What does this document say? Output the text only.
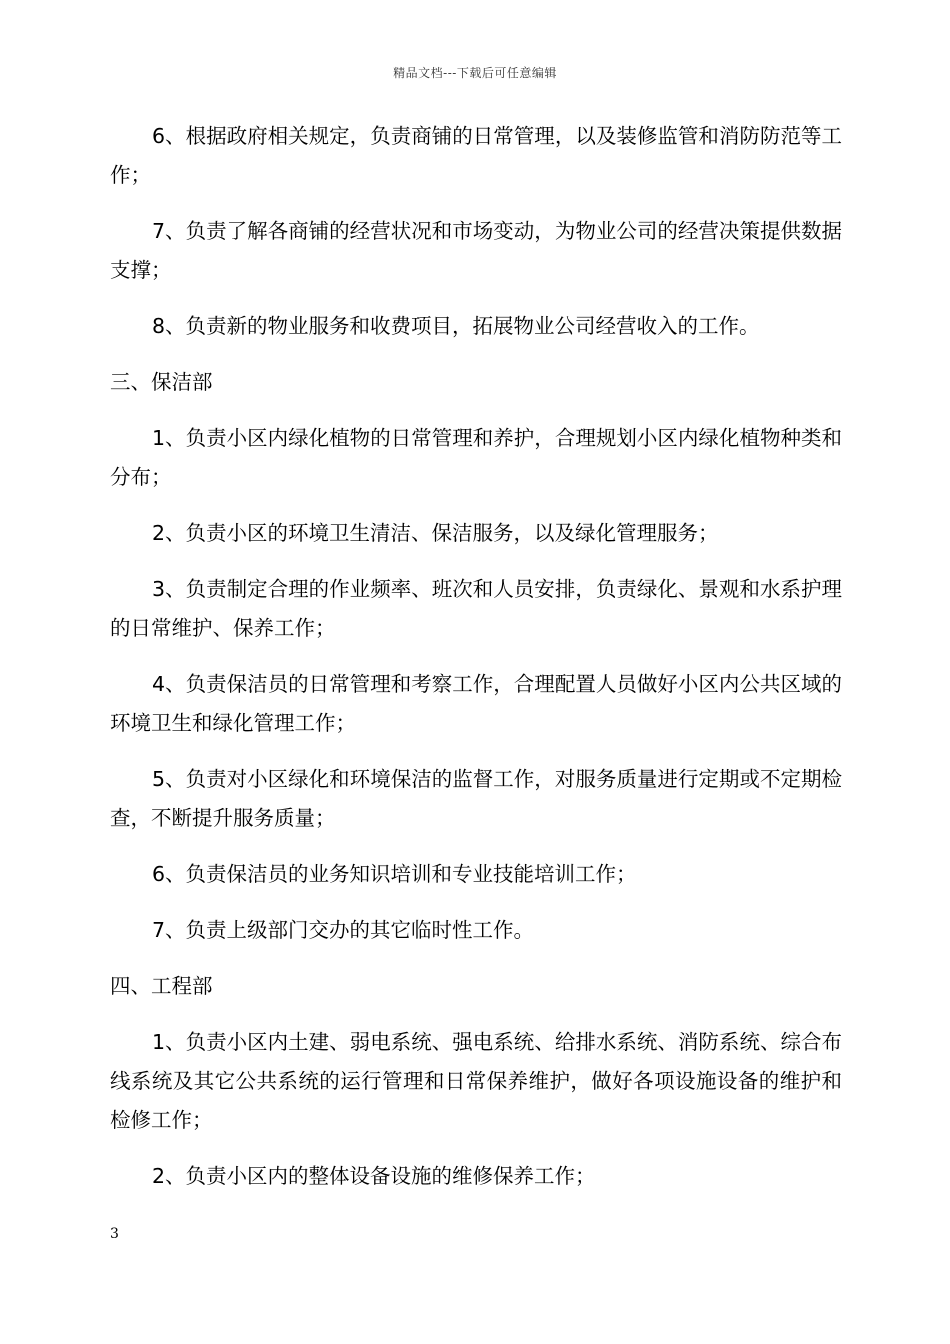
精品文档---下载后可任意编辑

6、根据政府相关规定，负责商铺的日常管理，以及装修监管和消防防范等工作；

7、负责了解各商铺的经营状况和市场变动，为物业公司的经营决策提供数据支撑；

8、负责新的物业服务和收费项目，拓展物业公司经营收入的工作。

三、保洁部

1、负责小区内绿化植物的日常管理和养护，合理规划小区内绿化植物种类和分布；

2、负责小区的环境卫生清洁、保洁服务，以及绿化管理服务；

3、负责制定合理的作业频率、班次和人员安排，负责绿化、景观和水系护理的日常维护、保养工作；

4、负责保洁员的日常管理和考察工作，合理配置人员做好小区内公共区域的环境卫生和绿化管理工作；

5、负责对小区绿化和环境保洁的监督工作，对服务质量进行定期或不定期检查，不断提升服务质量；

6、负责保洁员的业务知识培训和专业技能培训工作；

7、负责上级部门交办的其它临时性工作。

四、工程部

1、负责小区内土建、弱电系统、强电系统、给排水系统、消防系统、综合布线系统及其它公共系统的运行管理和日常保养维护，做好各项设施设备的维护和检修工作；

2、负责小区内的整体设备设施的维修保养工作；

3
